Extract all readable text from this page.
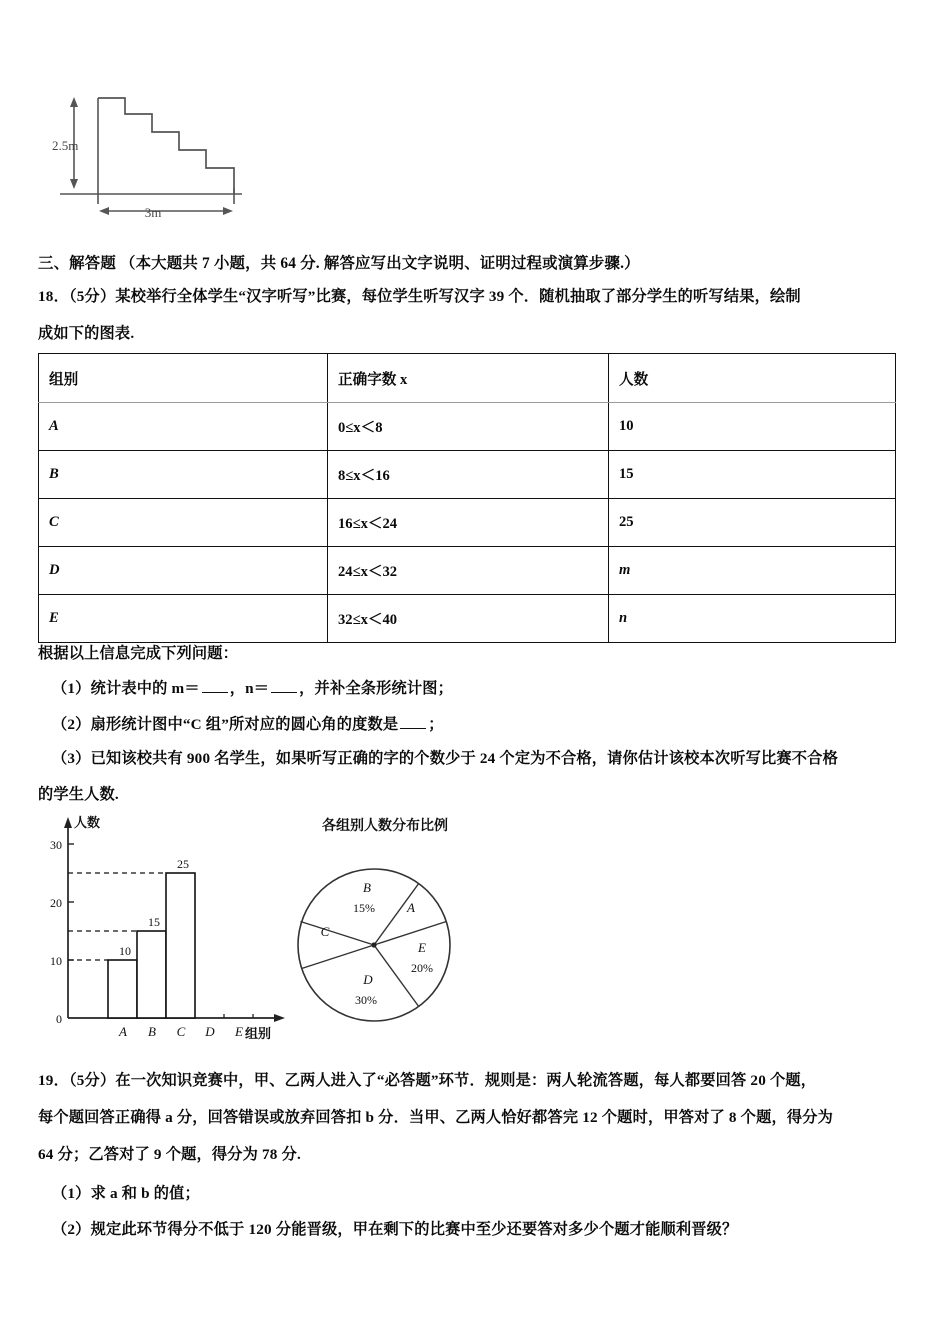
2.5m
3m
三、解答题 （本大题共 7 小题，共 64 分. 解答应写出文字说明、证明过程或演算步骤.）
18．（5分）某校举行全体学生“汉字听写”比赛，每位学生听写汉字 39 个．随机抽取了部分学生的听写结果，绘制
成如下的图表.
组别	正确字数 x	人数
A	0≤x＜8	10
B	8≤x＜16	15
C	16≤x＜24	25
D	24≤x＜32	m
E	32≤x＜40	n
根据以上信息完成下列问题：
（1）统计表中的 m＝ ，n＝ ，并补全条形统计图；
（2）扇形统计图中“C 组”所对应的圆心角的度数是 ；
（3）已知该校共有 900 名学生，如果听写正确的字的个数少于 24 个定为不合格，请你估计该校本次听写比赛不合格
的学生人数.
人数
组别
0
10
20
30
10
15
25
A B C D E
各组别人数分布比例
A
B
15%
C
D
30%
E
20%
19．（5分）在一次知识竞赛中，甲、乙两人进入了“必答题”环节．规则是：两人轮流答题，每人都要回答 20 个题，
每个题回答正确得 a 分，回答错误或放弃回答扣 b 分．当甲、乙两人恰好都答完 12 个题时，甲答对了 8 个题，得分为
64 分；乙答对了 9 个题，得分为 78 分.
（1）求 a 和 b 的值；
（2）规定此环节得分不低于 120 分能晋级，甲在剩下的比赛中至少还要答对多少个题才能顺利晋级？
